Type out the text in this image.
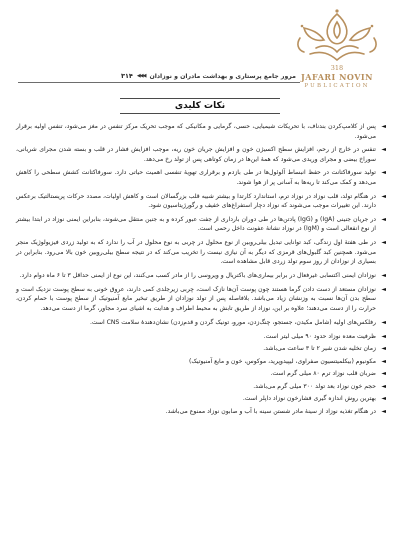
318
JAFARI NOVIN
PUBLICATION
مرور جامع پرستاری و بهداشت مادران و نوزادان
◀◀◀
۳۱۴
نکات کلیدی
◄
پس از کلامپ‌کردن بندناف، با تحریکات شیمیایی، حسی، گرمایی و مکانیکی که موجب تحریک مرکز تنفس در مغز می‌شود، تنفس اولیه برقرار می‌شود.
◄
تنفس در خارج از رحم، افزایش سطح اکسیژن خون و افزایش جریان خون ریه، موجب افزایش فشار در قلب و بسته شدن مجرای شریانی، سوراخ بیضی و مجرای وریدی می‌شود که همهٔ این‌ها در زمان کوتاهی پس از تولد رخ می‌دهد.
◄
تولید سورفاکتانت در حفظ انبساط آلوئول‌ها در طی بازدم و برقراری تهویهٔ تنفسی اهمیت حیاتی دارد. سورفاکتانت کشش سطحی را کاهش می‌دهد و کمک می‌کند تا ریه‌ها به آسانی پر از هوا شوند.
◄
در هنگام تولد، قلب نوزاد در نوزاد ترم، استاندارد کارتدا و بیشتر شبیه قلب بزرگسالان است و کاهش اولیات، مصدد حرکات پریستالتیک برعکس دارند. این تغییرات موجب می‌شوند که نوزاد دچار استفراغ‌های خفیف و رگورژیتاسیون شود.
◄
در جریان جنینی (IgA) و (IgG) پادتن‌ها در طی دوران بارداری از جفت عبور کرده و به جنین منتقل می‌شوند، بنابراین ایمنی نوزاد در ابتدا بیشتر از نوع انفعالی است و (IgM) در نوزاد نشانهٔ عفونت داخل رحمی است.
◄
در طی هفتهٔ اول زندگی، کبد توانایی تبدیل بیلی‌روبین از نوع محلول در چربی به نوع محلول در آب را ندارد که به تولید زردی فیزیولوژیک منجر می‌شود. همچنین کبد گلبول‌های قرمزی که دیگر به آن نیازی نیست را تخریب می‌کند که در نتیجه سطح بیلی‌روبین خون بالا می‌رود. بنابراین در بسیاری از نوزادان از روز سوم تولد زردی قابل مشاهده است.
◄
نوزادان ایمنی اکتسابی غیرفعال در برابر بیماری‌های باکتریال و ویروسی را از مادر کسب می‌کنند، این نوع از ایمنی حداقل ۳ تا ۶ ماه دوام دارد.
◄
نوزادان مستعد از دست دادن گرما هستند چون پوست آن‌ها نازک است، چربی زیرجلدی کمی دارند، عروق خونی به سطح پوست نزدیک است و سطح بدن آن‌ها نسبت به وزنشان زیاد می‌باشد. بلافاصله پس از تولد نوزادان از طریق تبخیر مایع آمنیوتیک از سطح پوست با حمام کردن، حرارت را از دست می‌دهند؛ علاوه بر این، نوزاد از طریق تابش به محیط اطراف و هدایت به اشیای سرد مجاور، گرما از دست می‌دهد.
◄
رفلکس‌های اولیه (شامل مکیدن، جستجو، چنگ‌زدن، مورو، تونیک گردن و قدم‌زدن) نشان‌دهندهٔ سلامت CNS است.
◄
ظرفیت معده نوزاد حدود ۹۰ میلی لیتر است.
◄
زمان تخلیه شدن شیر ۲ تا ۳ ساعت می‌باشد.
◄
مکونیوم (بیکلمیتسیون صفراوی، لیپیدوپرید، موکوس، خون و مایع آمنیوتیک)
◄
ضربان قلب نوزاد ترم ۸۰ میلی گرم است.
◄
حجم خون نوزاد بعد تولد ۳۰۰ میلی گرم می‌باشد.
◄
بهترین روش اندازه گیری فشارخون نوزاد داپلر است.
◄
در هنگام تغذیه نوزاد از سینهٔ مادر شستن سینه با آب و صابون نوزاد ممنوع می‌باشد.
